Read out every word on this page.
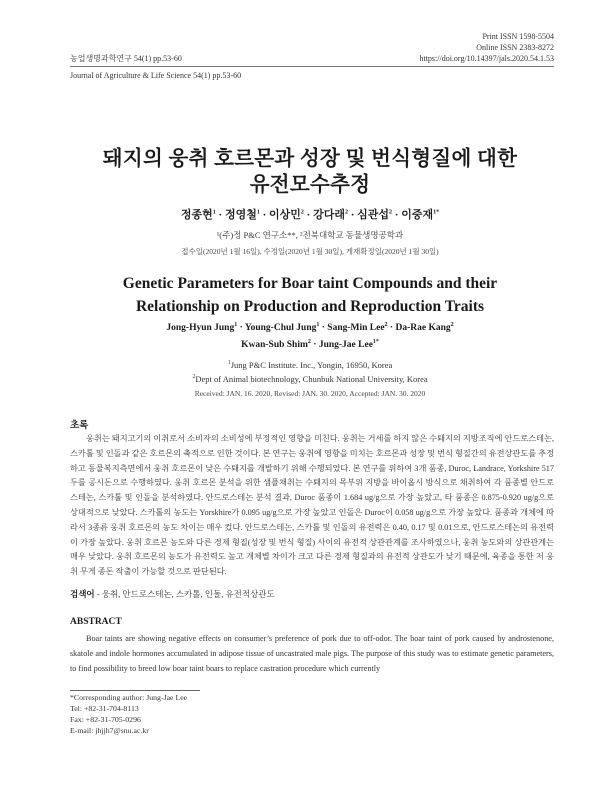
Print ISSN 1598-5504
Online ISSN 2383-8272
https://doi.org/10.14397/jals.2020.54.1.53
농업생명과학연구 54(1) pp.53-60
Journal of Agriculture & Life Science 54(1) pp.53-60
돼지의 웅취 호르몬과 성장 및 번식형질에 대한
유전모수추정
정종현$^1$ · 정영철$^1$ · 이상민$^2$ · 강다래$^2$ · 심관섭$^2$ · 이중재$^{1*}$
¹(주)정 P&C 연구소**, ²전북대학교 동물생명공학과
접수일(2020년 1월 16일), 수정일(2020년 1월 30일), 게재확정일(2020년 1월 30일)
Genetic Parameters for Boar taint Compounds and their
Relationship on Production and Reproduction Traits
Jong-Hyun Jung$^1$ · Young-Chul Jung$^1$ · Sang-Min Lee$^2$ · Da-Rae Kang$^2$
Kwan-Sub Shim$^2$ · Jung-Jae Lee$^{1*}$
$^1$Jung P&C Institute. Inc., Yongin, 16950, Korea
$^2$Dept of Animal biotechnology, Chunbuk National University, Korea
Received: JAN. 16. 2020, Revised: JAN. 30. 2020, Accepted: JAN. 30. 2020
초록

웅취는 돼지고기의 이취로서 소비자의 소비성에 부정적인 영향을 미친다. 웅취는 거세를 하지 않은 수퇘지의 지방조직에 안드로스테논, 스카톨 및 인돌과 같은 호르몬의 축적으로 인한 것이다. 본 연구는 웅취에 영향을 미치는 호르몬과 성장 및 번식 형질간의 유전상관도를 추정하고 동물복지측면에서 웅취 호르몬이 낮은 수퇘지를 개발하기 위해 수행되었다. 본 연구를 위하여 3개 품종, Duroc, Landrace, Yorkshire 517두를 공시돈으로 수행하였다. 웅취 호르몬 분석을 위한 샘플채취는 수퇘지의 목부위 지방을 바이옵시 방식으로 채취하여 각 품종별 안드로스테논, 스카톨 및 인돌을 분석하였다. 안드로스테논 분석 결과, Duroc 품종이 1.684 ug/g으로 가장 높았고, 타 품종은 0.875-0.920 ug/g으로 상대적으로 낮았다. 스카톨의 농도는 Yorskhire가 0.095 ug/g으로 가장 높았고 인돌은 Duroc이 0.058 ug/g으로 가장 높았다. 품종과 개체에 따라서 3종류 웅취 호르몬의 농도 차이는 매우 컸다. 안드로스테논, 스카톨 및 인돌의 유전력은 0.40, 0.17 및 0.01으로, 안드로스테논의 유전력이 가장 높았다. 웅취 호르몬 농도와 다른 경제 형질(성장 및 번식 형질) 사이의 유전적 상관관계를 조사하였으나, 웅취 농도와의 상관관계는 매우 낮았다. 웅취 호르몬의 농도가 유전력도 높고 개체별 차이가 크고 다른 경제 형질과의 유전적 상관도가 낮기 때문에, 육종을 통한 저 웅취 무게 종돈 작출이 가능할 것으로 판단된다.

검색어 - 웅취, 안드로스테논, 스카톨, 인돌, 유전적상관도
ABSTRACT

Boar taints are showing negative effects on consumer’s preference of pork due to off-odor. The boar taint of pork caused by androstenone, skatole and indole hormones accumulated in adipose tissue of uncastrated male pigs. The purpose of this study was to estimate genetic parameters, to find possibility to breed low boar taint boars to replace castration procedure which currently

*Corresponding author: Jung-Jae Lee
Tel: +82-31-704-8113
Fax: +82-31-705-0296
E-mail: jhjjh7@snu.ac.kr
